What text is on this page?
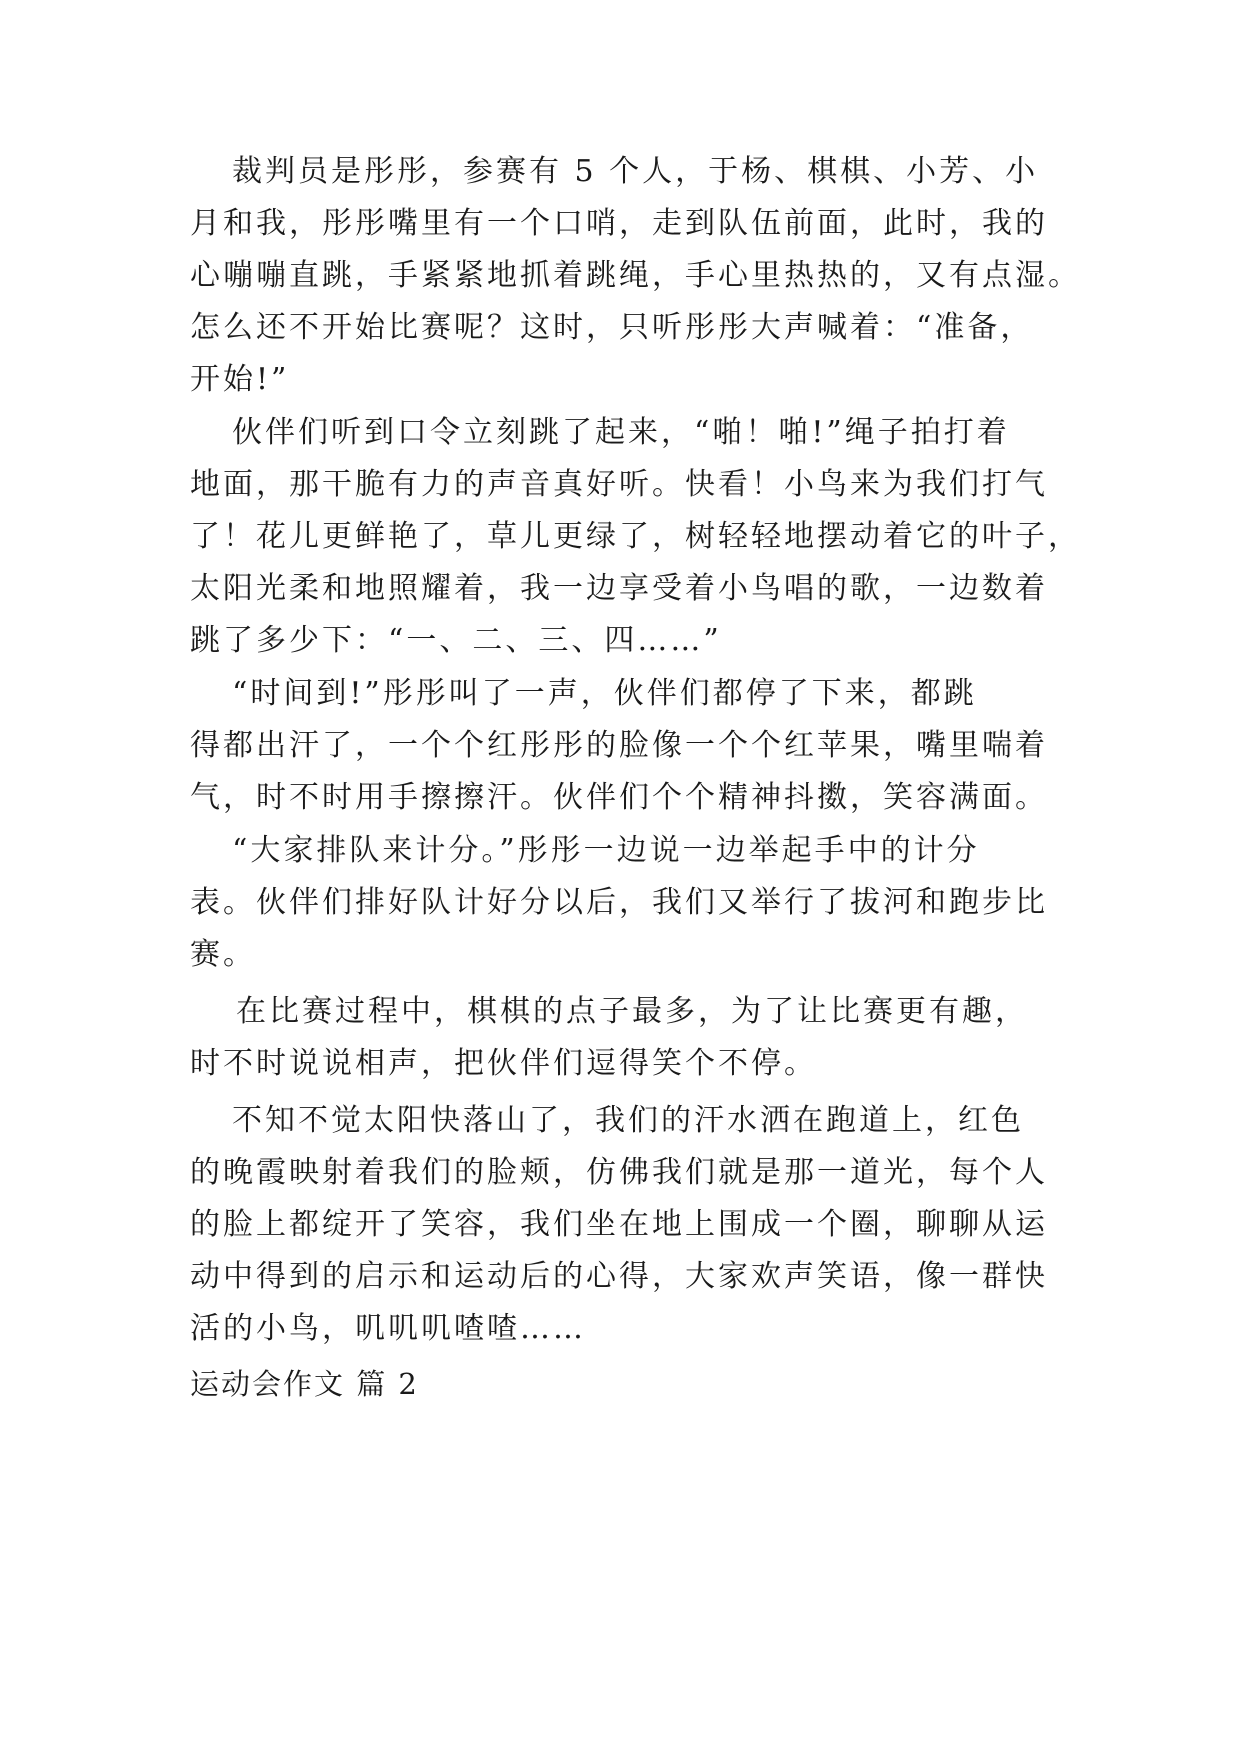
裁判员是彤彤，参赛有 5 个人，于杨、棋棋、小芳、小
月和我，彤彤嘴里有一个口哨，走到队伍前面，此时，我的
心嘣嘣直跳，手紧紧地抓着跳绳，手心里热热的，又有点湿。
怎么还不开始比赛呢？这时，只听彤彤大声喊着：“准备，
开始!”
伙伴们听到口令立刻跳了起来，“啪！啪!”绳子拍打着
地面，那干脆有力的声音真好听。快看！小鸟来为我们打气
了！花儿更鲜艳了，草儿更绿了，树轻轻地摆动着它的叶子，
太阳光柔和地照耀着，我一边享受着小鸟唱的歌，一边数着
跳了多少下：“一、二、三、四……”
“时间到!”彤彤叫了一声，伙伴们都停了下来，都跳
得都出汗了，一个个红彤彤的脸像一个个红苹果，嘴里喘着
气，时不时用手擦擦汗。伙伴们个个精神抖擞，笑容满面。
“大家排队来计分。”彤彤一边说一边举起手中的计分
表。伙伴们排好队计好分以后，我们又举行了拔河和跑步比
赛。
在比赛过程中，棋棋的点子最多，为了让比赛更有趣，
时不时说说相声，把伙伴们逗得笑个不停。
不知不觉太阳快落山了，我们的汗水洒在跑道上，红色
的晚霞映射着我们的脸颊，仿佛我们就是那一道光，每个人
的脸上都绽开了笑容，我们坐在地上围成一个圈，聊聊从运
动中得到的启示和运动后的心得，大家欢声笑语，像一群快
活的小鸟，叽叽叽喳喳……
运动会作文 篇 2
